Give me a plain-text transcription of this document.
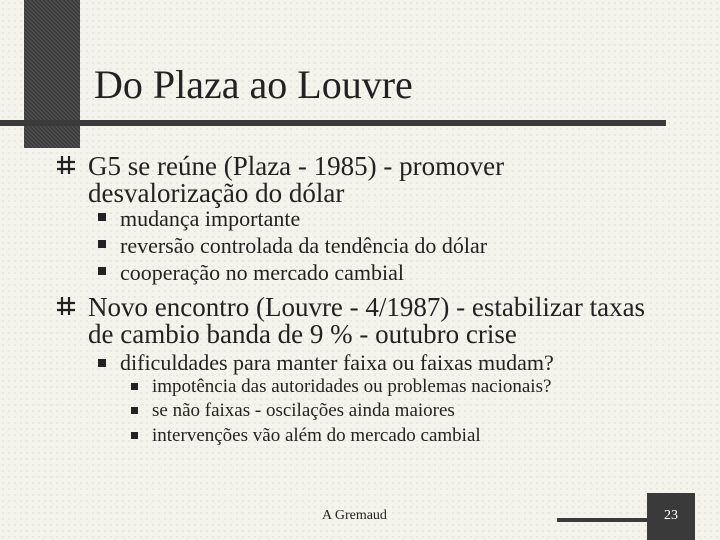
Do Plaza ao Louvre
G5 se reúne (Plaza - 1985) - promover desvalorização do dólar
mudança importante
reversão controlada da tendência do dólar
cooperação no mercado cambial
Novo encontro (Louvre - 4/1987) - estabilizar taxas de cambio banda de 9 % - outubro crise
dificuldades para manter faixa ou faixas mudam?
impotência das autoridades ou problemas nacionais?
se não faixas - oscilações ainda maiores
intervenções vão além do mercado cambial
A Gremaud	23
